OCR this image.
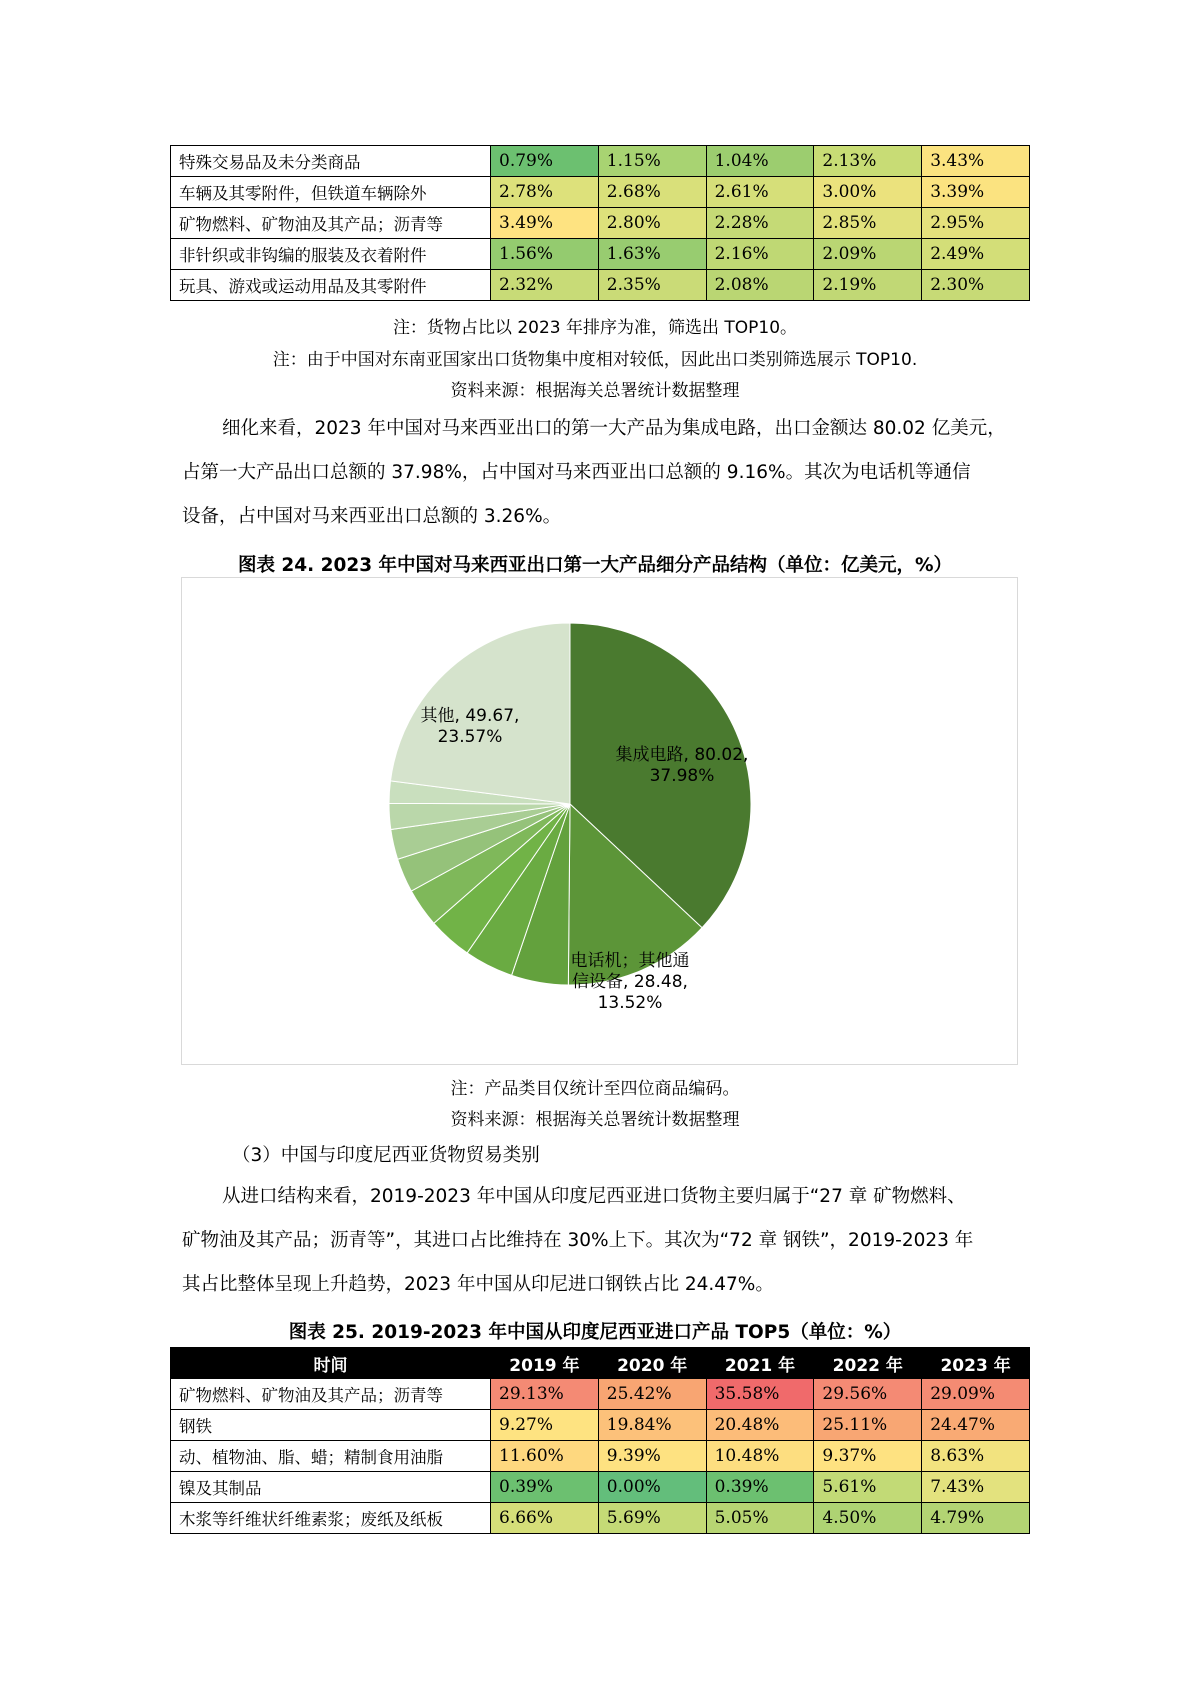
特殊交易品及未分类商品	0.79%	1.15%	1.04%	2.13%	3.43%
车辆及其零附件，但铁道车辆除外	2.78%	2.68%	2.61%	3.00%	3.39%
矿物燃料、矿物油及其产品；沥青等	3.49%	2.80%	2.28%	2.85%	2.95%
非针织或非钩编的服装及衣着附件	1.56%	1.63%	2.16%	2.09%	2.49%
玩具、游戏或运动用品及其零附件	2.32%	2.35%	2.08%	2.19%	2.30%
注：货物占比以 2023 年排序为准，筛选出 TOP10。
注：由于中国对东南亚国家出口货物集中度相对较低，因此出口类别筛选展示 TOP10.
资料来源：根据海关总署统计数据整理

细化来看，2023 年中国对马来西亚出口的第一大产品为集成电路，出口金额达 80.02 亿美元，

占第一大产品出口总额的 37.98%，占中国对马来西亚出口总额的 9.16%。其次为电话机等通信

设备，占中国对马来西亚出口总额的 3.26%。

图表 24. 2023 年中国对马来西亚出口第一大产品细分产品结构（单位：亿美元，%）
集成电路, 80.02, 37.98%
电话机；其他通信设备, 28.48, 13.52%
其他, 49.67, 23.57%
注：产品类目仅统计至四位商品编码。
资料来源：根据海关总署统计数据整理
（3）中国与印度尼西亚货物贸易类别

从进口结构来看，2019-2023 年中国从印度尼西亚进口货物主要归属于“27 章 矿物燃料、

矿物油及其产品；沥青等”，其进口占比维持在 30%上下。其次为“72 章 钢铁”，2019-2023 年

其占比整体呈现上升趋势，2023 年中国从印尼进口钢铁占比 24.47%。

图表 25. 2019-2023 年中国从印度尼西亚进口产品 TOP5（单位：%）
时间	2019 年	2020 年	2021 年	2022 年	2023 年
矿物燃料、矿物油及其产品；沥青等	29.13%	25.42%	35.58%	29.56%	29.09%
钢铁	9.27%	19.84%	20.48%	25.11%	24.47%
动、植物油、脂、蜡；精制食用油脂	11.60%	9.39%	10.48%	9.37%	8.63%
镍及其制品	0.39%	0.00%	0.39%	5.61%	7.43%
木浆等纤维状纤维素浆；废纸及纸板	6.66%	5.69%	5.05%	4.50%	4.79%
